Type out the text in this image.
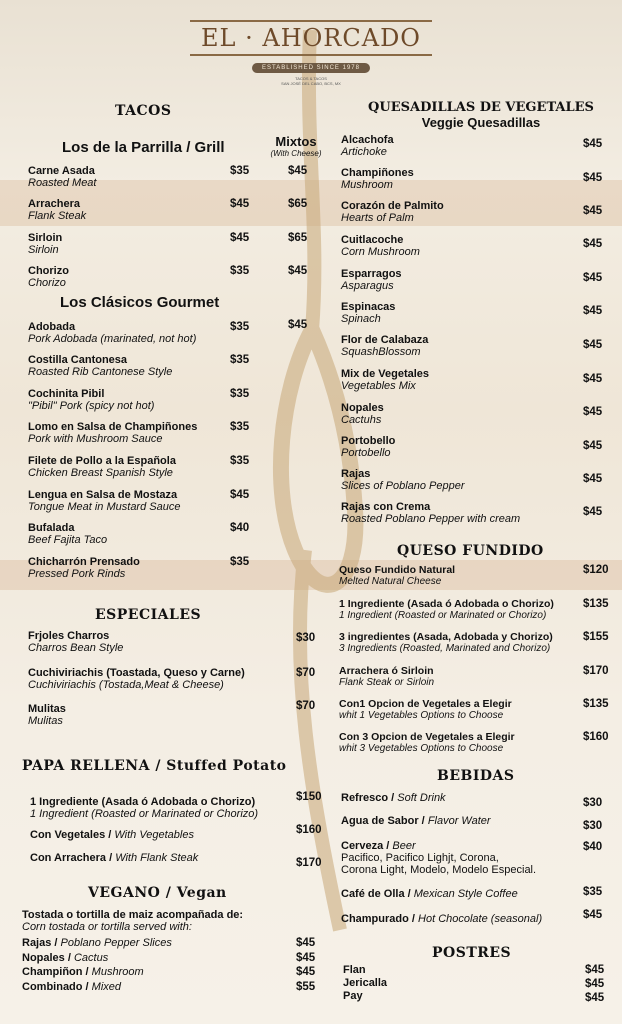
EL · AHORCADO
ESTABLISHED SINCE 1978
TACOS & TACOS
SAN JOSÉ DEL CABO, BCS, MX
TACOS
Los de la Parrilla / Grill	Mixtos
(With Cheese)
Carne Asada
Roasted Meat
$35	$45
Arrachera
Flank Steak
$45	$65
Sirloin
Sirloin
$45	$65
Chorizo
Chorizo
$35	$45
Los Clásicos Gourmet
Adobada
Pork Adobada (marinated, not hot)
$35	$45
Costilla Cantonesa
Roasted Rib Cantonese Style
$35
Cochinita Pibil
"Pibil" Pork (spicy not hot)
$35
Lomo en Salsa de Champiñones
Pork with Mushroom Sauce
$35
Filete de Pollo a la Española
Chicken Breast Spanish Style
$35
Lengua en Salsa de Mostaza
Tongue Meat in Mustard Sauce
$45
Bufalada
Beef Fajita Taco
$40
Chicharrón Prensado
Pressed Pork Rinds
$35
ESPECIALES
Frjoles Charros
Charros Bean Style
$30
Cuchiviriachis (Toastada, Queso y Carne)
Cuchiviriachis (Tostada,Meat & Cheese)
$70
Mulitas
Mulitas
$70
PAPA RELLENA / Stuffed Potato
1 Ingrediente (Asada ó Adobada o Chorizo)
1 Ingredient (Roasted or Marinated or Chorizo)
$150
Con Vegetales / With Vegetables	$160
Con Arrachera / With Flank Steak	$170
VEGANO / Vegan
Tostada o tortilla de maiz acompañada de:
Corn tostada or tortilla served with:
Rajas / Poblano Pepper Slices	$45
Nopales / Cactus	$45
Champiñon / Mushroom	$45
Combinado / Mixed	$55
QUESADILLAS DE VEGETALES
Veggie Quesadillas
Alcachofa
Artichoke
$45
Champiñones
Mushroom
$45
Corazón de Palmito
Hearts of Palm
$45
Cuitlacoche
Corn Mushroom
$45
Esparragos
Asparagus
$45
Espinacas
Spinach
$45
Flor de Calabaza
SquashBlossom
$45
Mix de Vegetales
Vegetables Mix
$45
Nopales
Cactuhs
$45
Portobello
Portobello
$45
Rajas
Slices of Poblano Pepper
$45
Rajas con Crema
Roasted Poblano Pepper with cream
$45
QUESO FUNDIDO
Queso Fundido Natural
Melted Natural Cheese
$120
1 Ingrediente (Asada ó Adobada o Chorizo)
1 Ingredient (Roasted or Marinated or Chorizo)
$135
3 ingredientes (Asada, Adobada y Chorizo)
3 Ingredients (Roasted, Marinated and Chorizo)
$155
Arrachera ó Sirloin
Flank Steak or Sirloin
$170
Con1 Opcion de Vegetales a Elegir
whit 1 Vegetables Options to Choose
$135
Con 3 Opcion de Vegetales a Elegir
whit 3 Vegetables Options to Choose
$160
BEBIDAS
Refresco / Soft Drink	$30
Agua de Sabor / Flavor Water	$30
Cerveza / Beer
Pacifico, Pacifico Lighjt, Corona,
Corona Light, Modelo, Modelo Especial.
$40
Café de Olla / Mexican Style Coffee	$35
Champurado / Hot Chocolate (seasonal)	$45
POSTRES
Flan	$45
Jericalla	$45
Pay	$45
